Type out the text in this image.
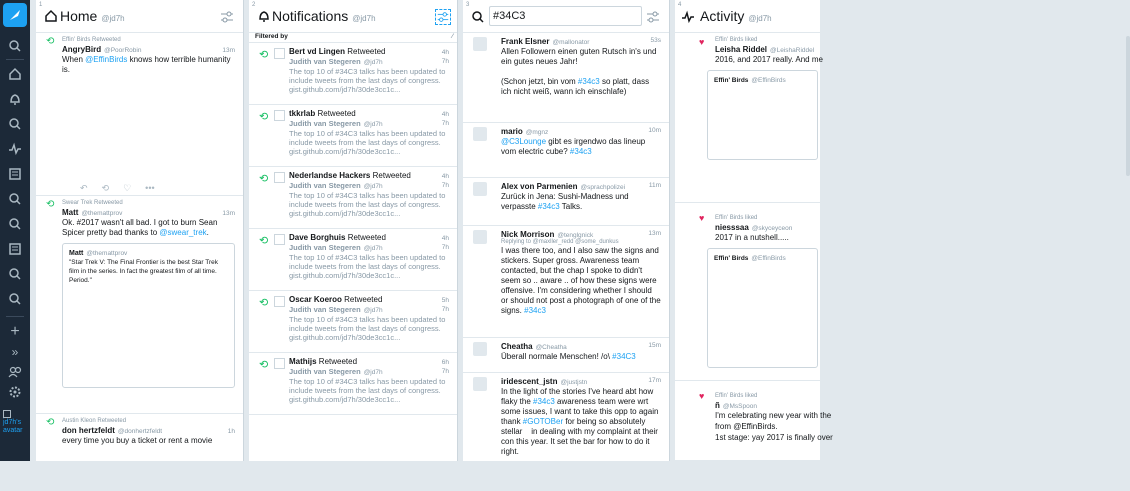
+
»
jd7h's avatar
1
Home @jd7h
⟲ Effin' Birds Retweeted
13m
AngryBird @PoorRobin
When @EffinBirds knows how terrible humanity is.
↶ ⟲ ♡ •••
⟲ Swear Trek Retweeted
13m
Matt @themattprov
Ok. #2017 wasn't all bad. I got to burn Sean Spicer pretty bad thanks to @swear_trek.
Matt @themattprov
"Star Trek V: The Final Frontier is the best Star Trek film in the series. In fact the greatest film of all time. Period."
⟲ Austin Kleon Retweeted
1h
don hertzfeldt @donhertzfeldt
every time you buy a ticket or rent a movie
2
Notifications @jd7h
Filtered by	⁄
⟲	4h
Bert vd Lingen Retweeted
7h
Judith van Stegeren @jd7h
The top 10 of #34C3 talks has been updated to include tweets from the last days of congress. gist.github.com/jd7h/30de3cc1c...
⟲	4h
tkkrlab Retweeted
7h
Judith van Stegeren @jd7h
The top 10 of #34C3 talks has been updated to include tweets from the last days of congress. gist.github.com/jd7h/30de3cc1c...
⟲	4h
Nederlandse Hackers Retweeted
7h
Judith van Stegeren @jd7h
The top 10 of #34C3 talks has been updated to include tweets from the last days of congress. gist.github.com/jd7h/30de3cc1c...
⟲	4h
Dave Borghuis Retweeted
7h
Judith van Stegeren @jd7h
The top 10 of #34C3 talks has been updated to include tweets from the last days of congress. gist.github.com/jd7h/30de3cc1c...
⟲	5h
Oscar Koeroo Retweeted
7h
Judith van Stegeren @jd7h
The top 10 of #34C3 talks has been updated to include tweets from the last days of congress. gist.github.com/jd7h/30de3cc1c...
⟲	6h
Mathijs Retweeted
7h
Judith van Stegeren @jd7h
The top 10 of #34C3 talks has been updated to include tweets from the last days of congress. gist.github.com/jd7h/30de3cc1c...
3
#34C3
53s
Frank Elsner @mallonator
Allen Followern einen guten Rutsch in's und ein gutes neues Jahr!

(Schon jetzt, bin vom #34c3 so platt, dass ich nicht weiß, wann ich einschlafe)
10m
mario @mgnz
@C3Lounge gibt es irgendwo das lineup vom electric cube? #34c3
11m
Alex von Parmenien @sprachpolizei
Zurück in Jena: Sushi-Madness und verpasste #34c3 Talks.
13m
Nick Morrison @tenglgnick
Replying to @maxller_redd @some_dunkus
I was there too, and I also saw the signs and stickers. Super gross. Awareness team contacted, but the chap I spoke to didn't seem so .. aware .. of how these signs were offensive. I'm considering whether I should or should not post a photograph of one of the signs. #34c3
15m
Cheatha @Cheatha
Überall normale Menschen! /o\ #34C3
17m
iridescent_jstn @justjstn
In the light of the stories I've heard abt how flaky the #34c3 awareness team were wrt some issues, I want to take this opp to again thank #GOTOBer for being so absolutely stellar    in dealing with my complaint at their con this year. It set the bar for how to do it right.
4
Activity @jd7h
♥ Effin' Birds liked
Leisha Riddel @LeishaRiddel
2016, and 2017 really. And me
Effin' Birds @EffinBirds
♥ Effin' Birds liked
niesssaa @skyceyceon
2017 in a nutshell.....
Effin' Birds @EffinBirds
♥ Effin' Birds liked
ñ @MsSpoon
I'm celebrating new year with the
from @EffinBirds.
1st stage: yay 2017 is finally over
